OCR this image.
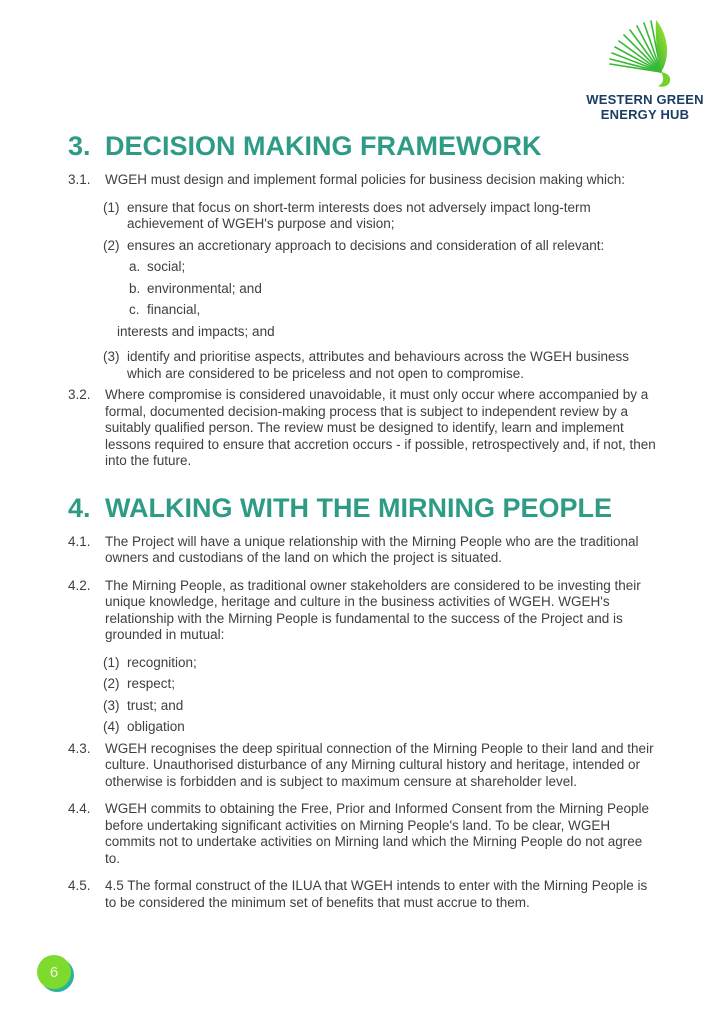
WESTERN GREEN
ENERGY HUB
3. DECISION MAKING FRAMEWORK
3.1.	WGEH must design and implement formal policies for business decision making which:
(1) ensure that focus on short-term interests does not adversely impact long-term achievement of WGEH's purpose and vision;
(2) ensures an accretionary approach to decisions and consideration of all relevant:
a. social;
b. environmental; and
c. financial,
interests and impacts; and
(3) identify and prioritise aspects, attributes and behaviours across the WGEH business which are considered to be priceless and not open to compromise.
3.2.	Where compromise is considered unavoidable, it must only occur where accompanied by a formal, documented decision-making process that is subject to independent review by a suitably qualified person. The review must be designed to identify, learn and implement lessons required to ensure that accretion occurs - if possible, retrospectively and, if not, then into the future.
4. WALKING WITH THE MIRNING PEOPLE
4.1.	The Project will have a unique relationship with the Mirning People who are the traditional owners and custodians of the land on which the project is situated.
4.2.	The Mirning People, as traditional owner stakeholders are considered to be investing their unique knowledge, heritage and culture in the business activities of WGEH. WGEH's relationship with the Mirning People is fundamental to the success of the Project and is grounded in mutual:
(1) recognition;
(2) respect;
(3) trust; and
(4) obligation
4.3.	WGEH recognises the deep spiritual connection of the Mirning People to their land and their culture. Unauthorised disturbance of any Mirning cultural history and heritage, intended or otherwise is forbidden and is subject to maximum censure at shareholder level.
4.4.	WGEH commits to obtaining the Free, Prior and Informed Consent from the Mirning People before undertaking significant activities on Mirning People's land. To be clear, WGEH commits not to undertake activities on Mirning land which the Mirning People do not agree to.
4.5.	4.5 The formal construct of the ILUA that WGEH intends to enter with the Mirning People is to be considered the minimum set of benefits that must accrue to them.
6
